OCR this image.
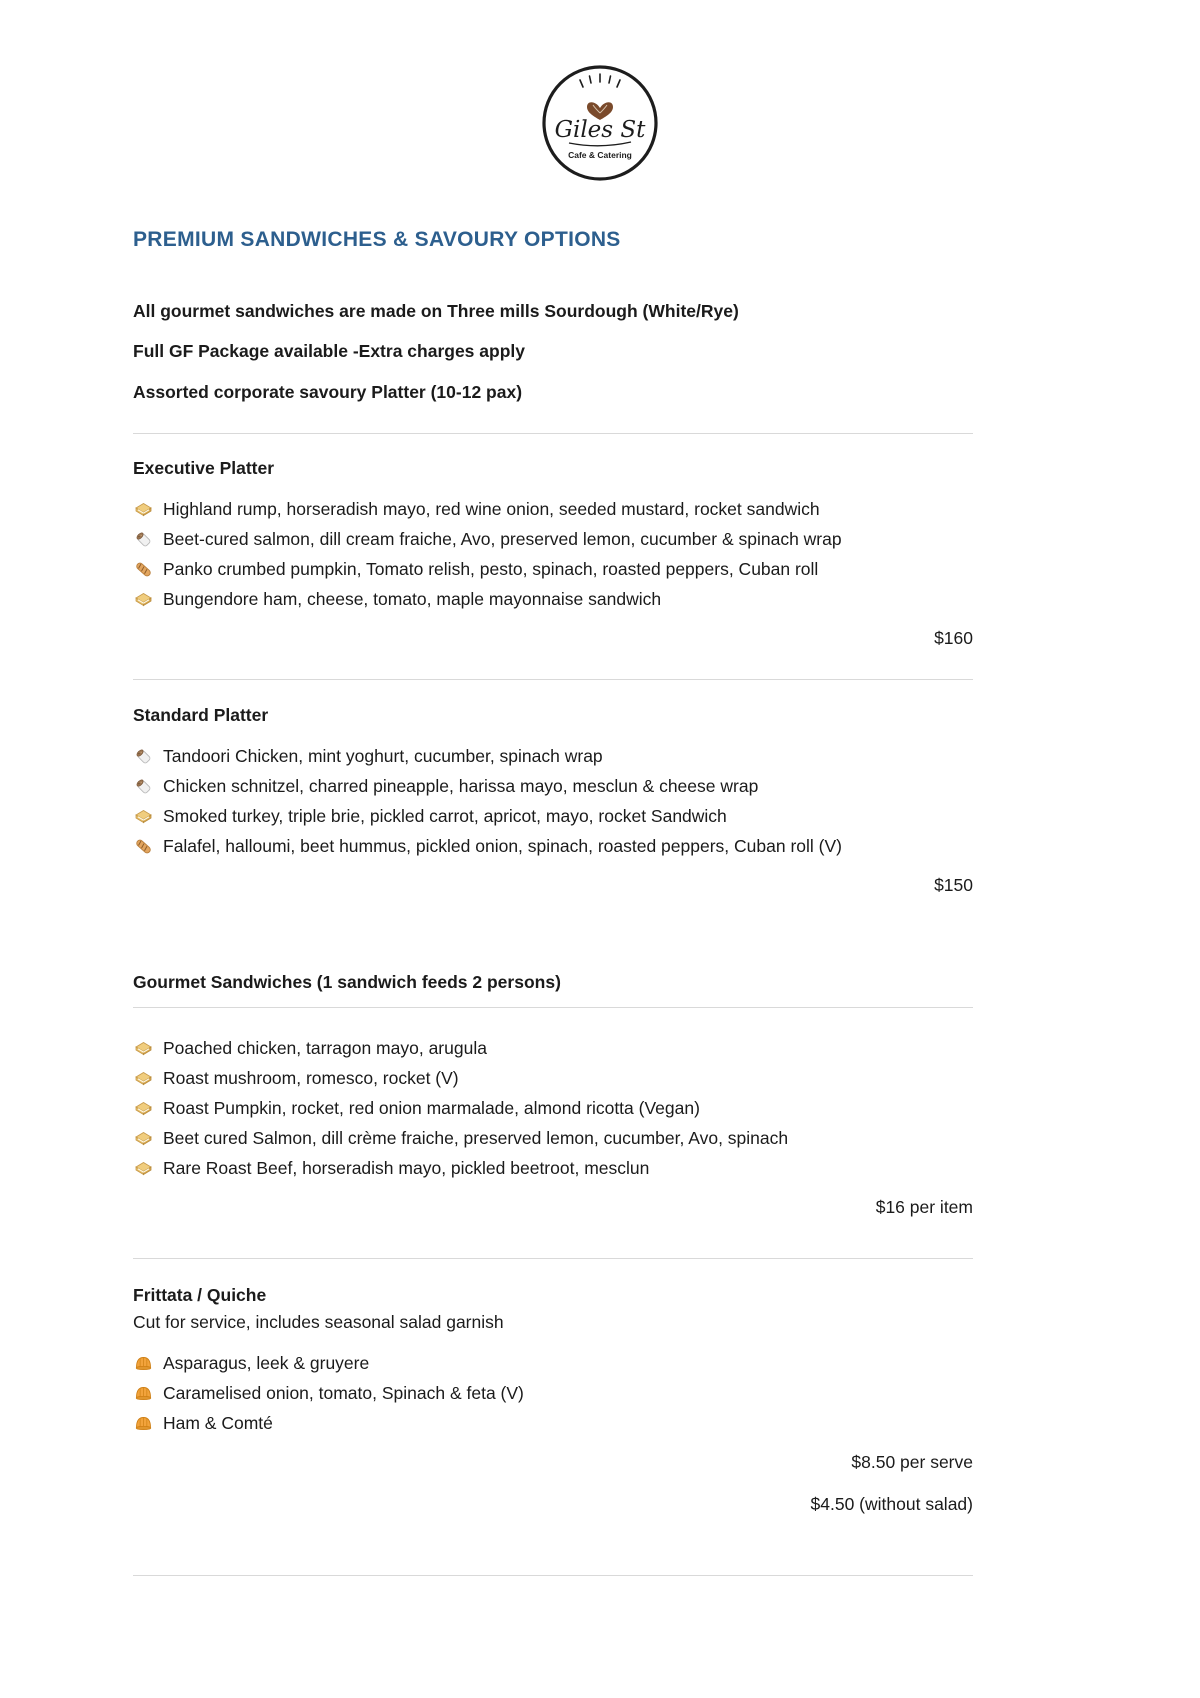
Giles St
Cafe & Catering
PREMIUM SANDWICHES & SAVOURY OPTIONS

All gourmet sandwiches are made on Three mills Sourdough (White/Rye)

Full GF Package available -Extra charges apply

Assorted corporate savoury Platter (10-12 pax)

Executive Platter
Highland rump, horseradish mayo, red wine onion, seeded mustard, rocket sandwich
Beet-cured salmon, dill cream fraiche, Avo, preserved lemon, cucumber & spinach wrap
Panko crumbed pumpkin, Tomato relish, pesto, spinach, roasted peppers, Cuban roll
Bungendore ham, cheese, tomato, maple mayonnaise sandwich
$160
Standard Platter
Tandoori Chicken, mint yoghurt, cucumber, spinach wrap
Chicken schnitzel, charred pineapple, harissa mayo, mesclun & cheese wrap
Smoked turkey, triple brie, pickled carrot, apricot, mayo, rocket Sandwich
Falafel, halloumi, beet hummus, pickled onion, spinach, roasted peppers, Cuban roll (V)
$150
Gourmet Sandwiches (1 sandwich feeds 2 persons)
Poached chicken, tarragon mayo, arugula
Roast mushroom, romesco, rocket (V)
Roast Pumpkin, rocket, red onion marmalade, almond ricotta (Vegan)
Beet cured Salmon, dill crème fraiche, preserved lemon, cucumber, Avo, spinach
Rare Roast Beef, horseradish mayo, pickled beetroot, mesclun
$16 per item
Frittata / Quiche

Cut for service, includes seasonal salad garnish

Asparagus, leek & gruyere
Caramelised onion, tomato, Spinach & feta (V)
Ham & Comté
$8.50 per serve
$4.50 (without salad)
